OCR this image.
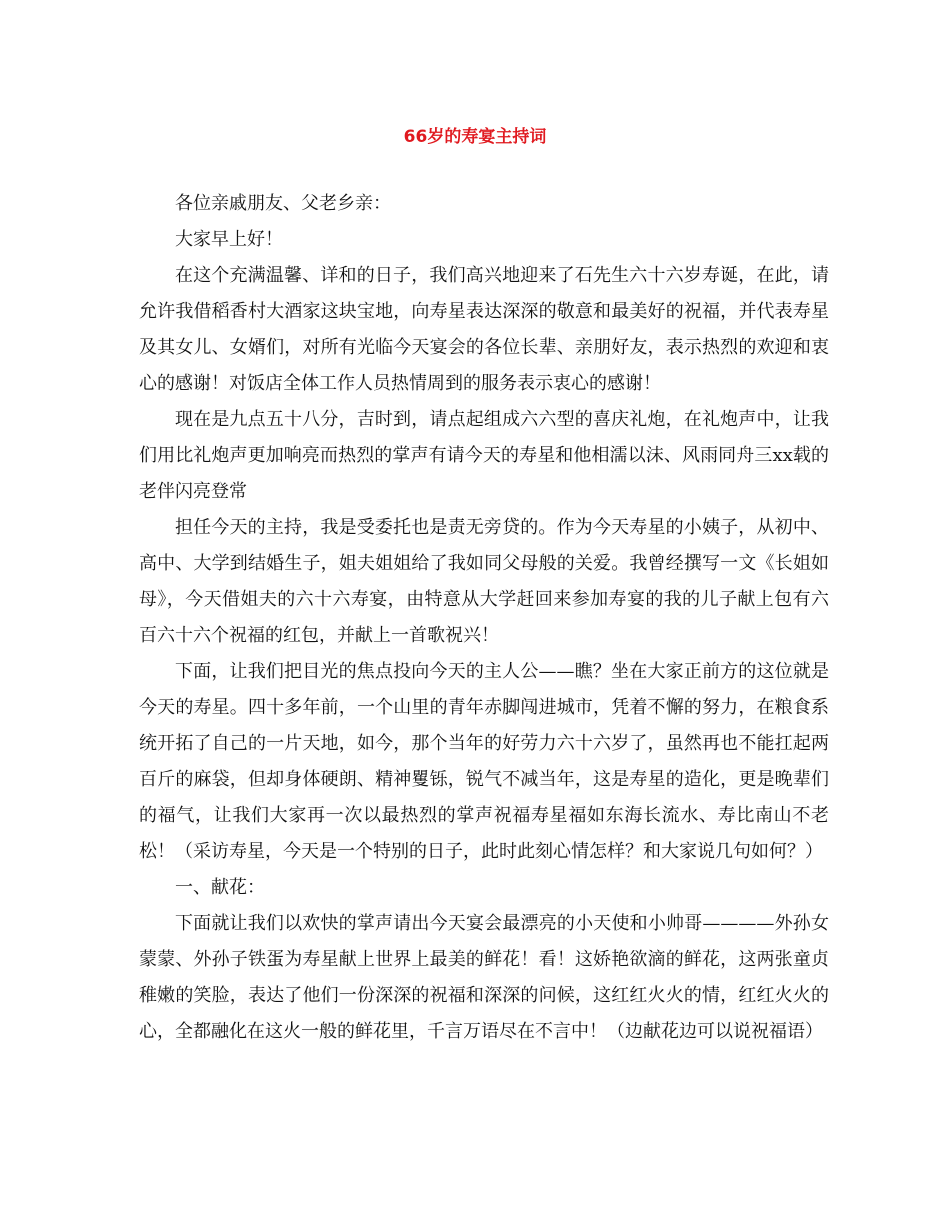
66岁的寿宴主持词

各位亲戚朋友、父老乡亲：

大家早上好！

在这个充满温馨、详和的日子，我们高兴地迎来了石先生六十六岁寿诞，在此，请允许我借稻香村大酒家这块宝地，向寿星表达深深的敬意和最美好的祝福，并代表寿星及其女儿、女婿们，对所有光临今天宴会的各位长辈、亲朋好友，表示热烈的欢迎和衷心的感谢！对饭店全体工作人员热情周到的服务表示衷心的感谢！

现在是九点五十八分，吉时到，请点起组成六六型的喜庆礼炮，在礼炮声中，让我们用比礼炮声更加响亮而热烈的掌声有请今天的寿星和他相濡以沫、风雨同舟三xx载的老伴闪亮登常

担任今天的主持，我是受委托也是责无旁贷的。作为今天寿星的小姨子，从初中、高中、大学到结婚生子，姐夫姐姐给了我如同父母般的关爱。我曾经撰写一文《长姐如母》，今天借姐夫的六十六寿宴，由特意从大学赶回来参加寿宴的我的儿子献上包有六百六十六个祝福的红包，并献上一首歌祝兴！

下面，让我们把目光的焦点投向今天的主人公——瞧？坐在大家正前方的这位就是今天的寿星。四十多年前，一个山里的青年赤脚闯进城市，凭着不懈的努力，在粮食系统开拓了自己的一片天地，如今，那个当年的好劳力六十六岁了，虽然再也不能扛起两百斤的麻袋，但却身体硬朗、精神矍铄，锐气不减当年，这是寿星的造化，更是晚辈们的福气，让我们大家再一次以最热烈的掌声祝福寿星福如东海长流水、寿比南山不老松！（采访寿星，今天是一个特别的日子，此时此刻心情怎样？和大家说几句如何？）

一、献花：

下面就让我们以欢快的掌声请出今天宴会最漂亮的小天使和小帅哥————外孙女蒙蒙、外孙子铁蛋为寿星献上世界上最美的鲜花！看！这娇艳欲滴的鲜花，这两张童贞稚嫩的笑脸，表达了他们一份深深的祝福和深深的问候，这红红火火的情，红红火火的心，全都融化在这火一般的鲜花里，千言万语尽在不言中！（边献花边可以说祝福语）
